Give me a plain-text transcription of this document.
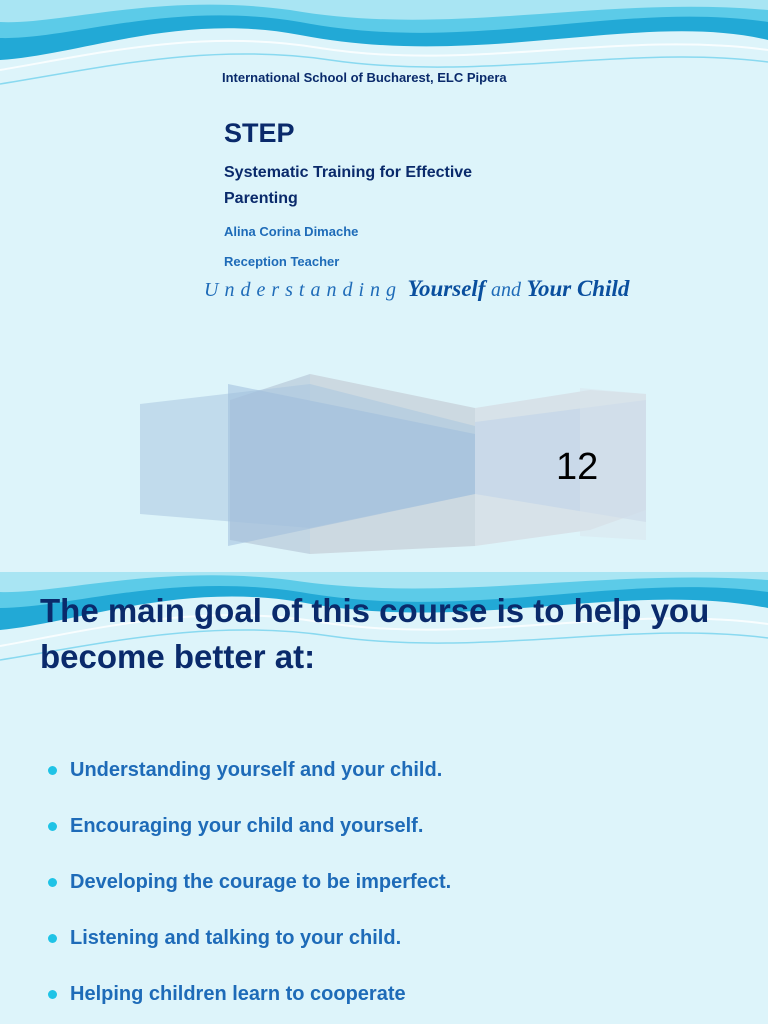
International School of Bucharest, ELC Pipera
STEP
Systematic Training for Effective Parenting
Alina Corina Dimache
Reception Teacher
Understanding Yourself and Your Child
12
The main goal of this course is to help you become better at:
Understanding yourself and your child.
Encouraging your child and yourself.
Developing the courage to be imperfect.
Listening and talking to your child.
Helping children learn to cooperate
